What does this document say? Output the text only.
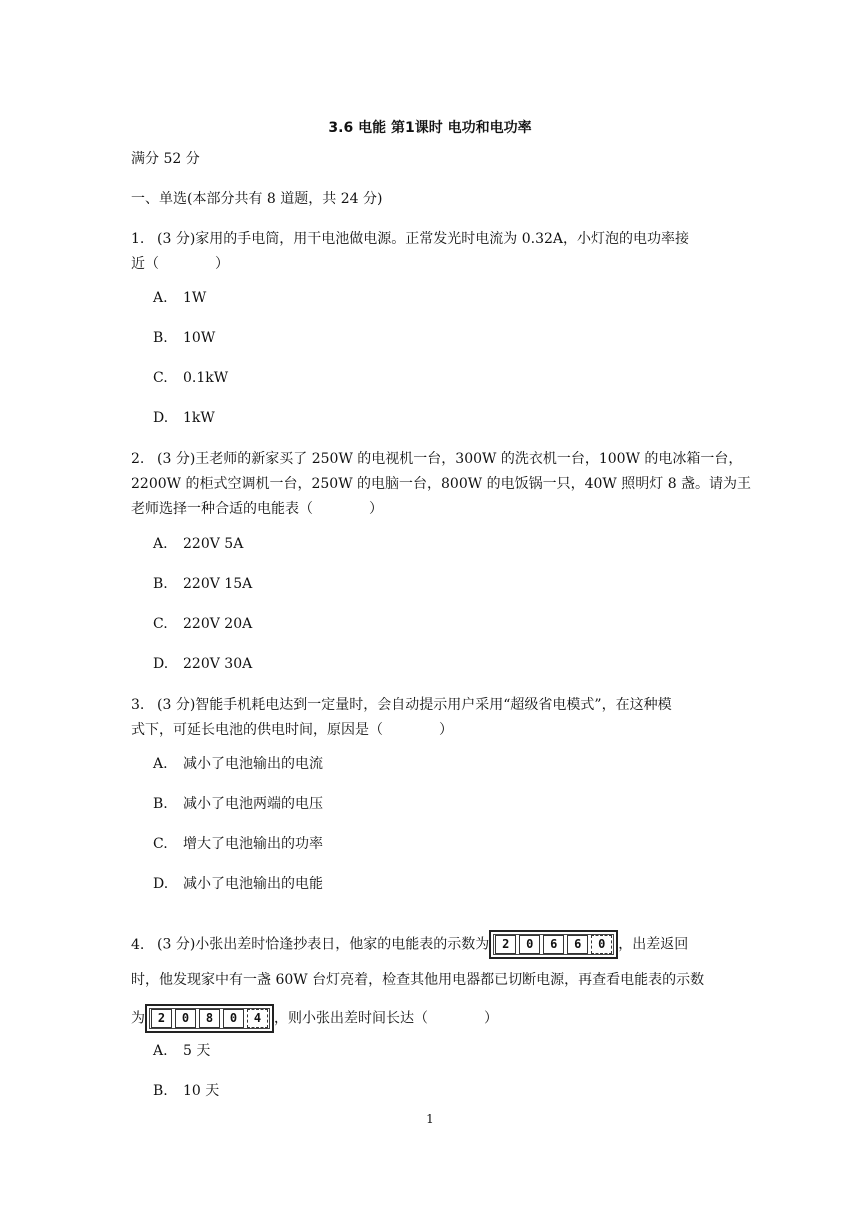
3.6 电能 第1课时 电功和电功率
满分 52 分
一、单选(本部分共有 8 道题，共 24 分)
1. (3 分)家用的手电筒，用干电池做电源。正常发光时电流为 0.32A，小灯泡的电功率接
近（　　　　）
A. 1W
B. 10W
C. 0.1kW
D. 1kW
2. (3 分)王老师的新家买了 250W 的电视机一台，300W 的洗衣机一台，100W 的电冰箱一台，
2200W 的柜式空调机一台，250W 的电脑一台，800W 的电饭锅一只，40W 照明灯 8 盏。请为王
老师选择一种合适的电能表（　　　　）
A. 220V 5A
B. 220V 15A
C. 220V 20A
D. 220V 30A
3. (3 分)智能手机耗电达到一定量时，会自动提示用户采用“超级省电模式”，在这种模
式下，可延长电池的供电时间，原因是（　　　　）
A. 减小了电池输出的电流
B. 减小了电池两端的电压
C. 增大了电池输出的功率
D. 减小了电池输出的电能
4. (3 分)小张出差时恰逢抄表日，他家的电能表的示数为	2	0	6	6	0 ，出差返回
时，他发现家中有一盏 60W 台灯亮着，检查其他用电器都已切断电源，再查看电能表的示数
为	2	0	8	0	4 ，则小张出差时间长达（　　　　）
A. 5 天
B. 10 天
1
